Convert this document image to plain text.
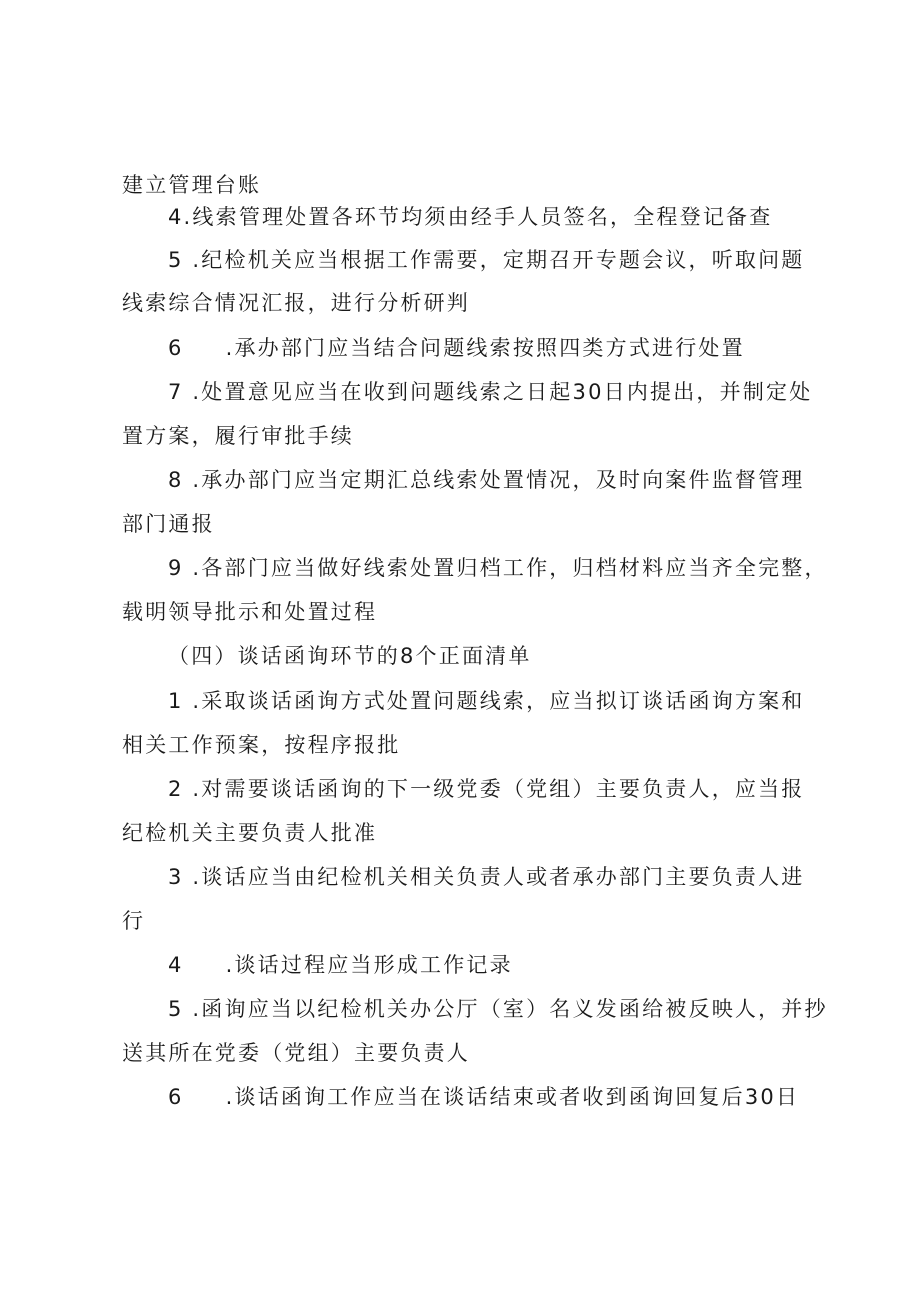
建立管理台账
4.线索管理处置各环节均须由经手人员签名，全程登记备查
5 .纪检机关应当根据工作需要，定期召开专题会议，听取问题
线索综合情况汇报，进行分析研判
6 .承办部门应当结合问题线索按照四类方式进行处置
7 .处置意见应当在收到问题线索之日起30日内提出，并制定处
置方案，履行审批手续
8 .承办部门应当定期汇总线索处置情况，及时向案件监督管理
部门通报
9 .各部门应当做好线索处置归档工作，归档材料应当齐全完整，
载明领导批示和处置过程
（四）谈话函询环节的8个正面清单
1 .采取谈话函询方式处置问题线索，应当拟订谈话函询方案和
相关工作预案，按程序报批
2 .对需要谈话函询的下一级党委（党组）主要负责人，应当报
纪检机关主要负责人批准
3 .谈话应当由纪检机关相关负责人或者承办部门主要负责人进
行
4 .谈话过程应当形成工作记录
5 .函询应当以纪检机关办公厅（室）名义发函给被反映人，并抄
送其所在党委（党组）主要负责人
6 .谈话函询工作应当在谈话结束或者收到函询回复后30日
